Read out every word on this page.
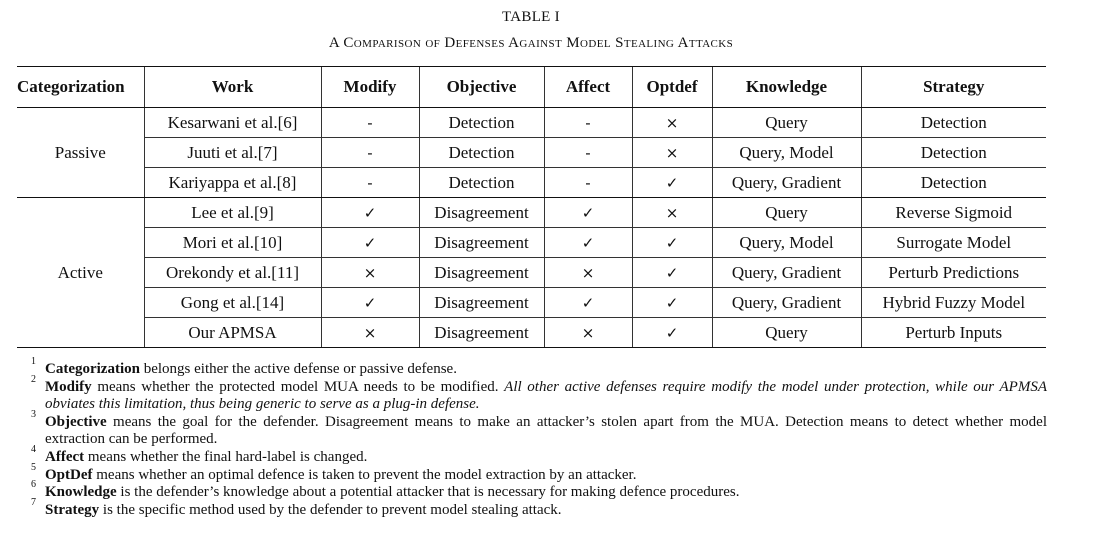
TABLE I
A Comparison of Defenses Against Model Stealing Attacks
Categorization	Work	Modify	Objective	Affect	Optdef	Knowledge	Strategy
Passive	Kesarwani et al.[6]	-	Detection	-	×	Query	Detection
	Juuti et al.[7]	-	Detection	-	×	Query, Model	Detection
	Kariyappa et al.[8]	-	Detection	-	✓	Query, Gradient	Detection
Active	Lee et al.[9]	✓	Disagreement	✓	×	Query	Reverse Sigmoid
	Mori et al.[10]	✓	Disagreement	✓	✓	Query, Model	Surrogate Model
	Orekondy et al.[11]	×	Disagreement	×	✓	Query, Gradient	Perturb Predictions
	Gong et al.[14]	✓	Disagreement	✓	✓	Query, Gradient	Hybrid Fuzzy Model
	Our APMSA	×	Disagreement	×	✓	Query	Perturb Inputs
1 Categorization belongs either the active defense or passive defense.
2 Modify means whether the protected model MUA needs to be modified. All other active defenses require modify the model under protection, while our APMSA obviates this limitation, thus being generic to serve as a plug-in defense.
3 Objective means the goal for the defender. Disagreement means to make an attacker’s stolen apart from the MUA. Detection means to detect whether model extraction can be performed.
4 Affect means whether the final hard-label is changed.
5 OptDef means whether an optimal defence is taken to prevent the model extraction by an attacker.
6 Knowledge is the defender’s knowledge about a potential attacker that is necessary for making defence procedures.
7 Strategy is the specific method used by the defender to prevent model stealing attack.
